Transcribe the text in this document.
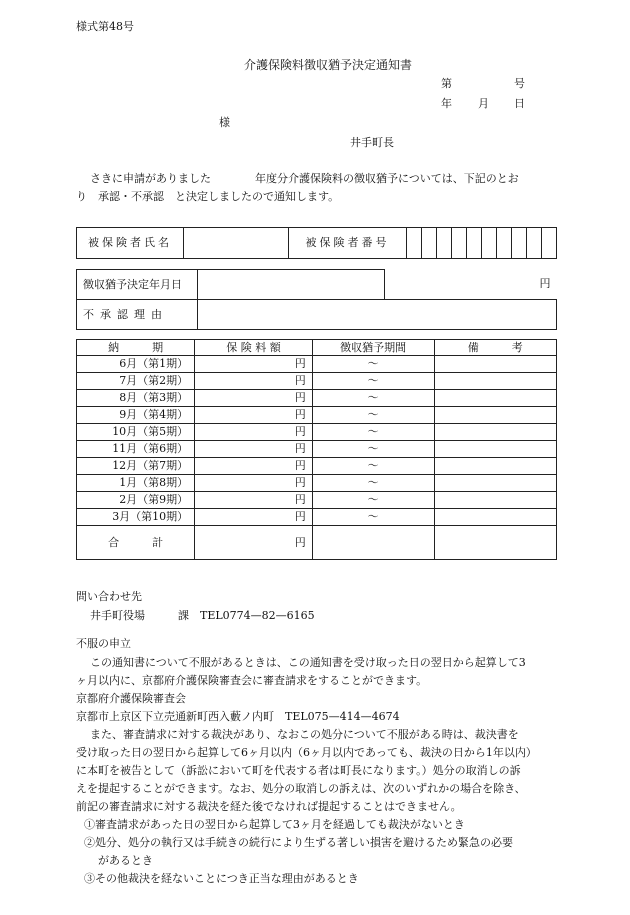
様式第48号
介護保険料徴収猶予決定通知書
第	号
年 月 日
様
井手町長
さきに申請がありました　　　　年度分介護保険料の徴収猶予については、下記のとお
り　承認・不承認　と決定しましたので通知します。
被保険者氏名		被保険者番号										
徴収猶予決定年月日		円
不承認理由		
納　　　期	保 険 料 額	徴収猶予期間	備　　　考
6月（第1期）	円	〜	
7月（第2期）	円	〜	
8月（第3期）	円	〜	
9月（第4期）	円	〜	
10月（第5期）	円	〜	
11月（第6期）	円	〜	
12月（第7期）	円	〜	
1月（第8期）	円	〜	
2月（第9期）	円	〜	
3月（第10期）	円	〜	
合　　　計	円		
問い合わせ先
井手町役場　　　課　TEL0774—82—6165
不服の申立

この通知書について不服があるときは、この通知書を受け取った日の翌日から起算して3

ヶ月以内に、京都府介護保険審査会に審査請求をすることができます。

京都府介護保険審査会

京都市上京区下立売通新町西入藪ノ内町　TEL075—414—4674

また、審査請求に対する裁決があり、なおこの処分について不服がある時は、裁決書を

受け取った日の翌日から起算して6ヶ月以内（6ヶ月以内であっても、裁決の日から1年以内）

に本町を被告として（訴訟において町を代表する者は町長になります。）処分の取消しの訴

えを提起することができます。なお、処分の取消しの訴えは、次のいずれかの場合を除き、

前記の審査請求に対する裁決を経た後でなければ提起することはできません。

①審査請求があった日の翌日から起算して3ヶ月を経過しても裁決がないとき

②処分、処分の執行又は手続きの続行により生ずる著しい損害を避けるため緊急の必要

があるとき

③その他裁決を経ないことにつき正当な理由があるとき
